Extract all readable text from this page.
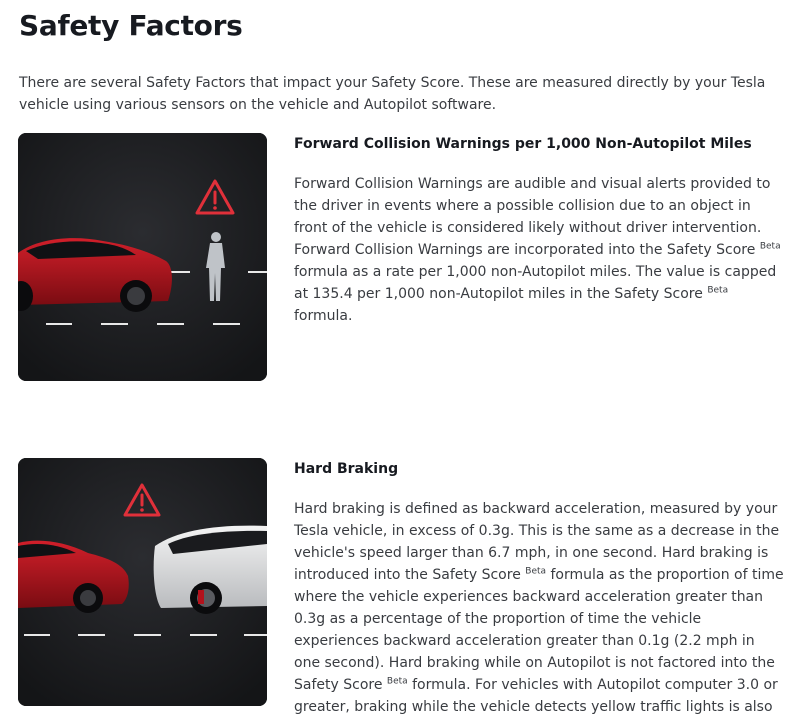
Safety Factors

There are several Safety Factors that impact your Safety Score. These are measured directly by your Tesla vehicle using various sensors on the vehicle and Autopilot software.

Forward Collision Warnings per 1,000 Non-Autopilot Miles

Forward Collision Warnings are audible and visual alerts provided to the driver in events where a possible collision due to an object in front of the vehicle is considered likely without driver intervention. Forward Collision Warnings are incorporated into the Safety Score $^{Beta}$ formula as a rate per 1,000 non-Autopilot miles. The value is capped at 135.4 per 1,000 non-Autopilot miles in the Safety Score $^{Beta}$ formula.

Hard Braking

Hard braking is defined as backward acceleration, measured by your Tesla vehicle, in excess of 0.3g. This is the same as a decrease in the vehicle's speed larger than 6.7 mph, in one second. Hard braking is introduced into the Safety Score $^{Beta}$ formula as the proportion of time where the vehicle experiences backward acceleration greater than 0.3g as a percentage of the proportion of time the vehicle experiences backward acceleration greater than 0.1g (2.2 mph in one second). Hard braking while on Autopilot is not factored into the Safety Score $^{Beta}$ formula. For vehicles with Autopilot computer 3.0 or greater, braking while the vehicle detects yellow traffic lights is also
